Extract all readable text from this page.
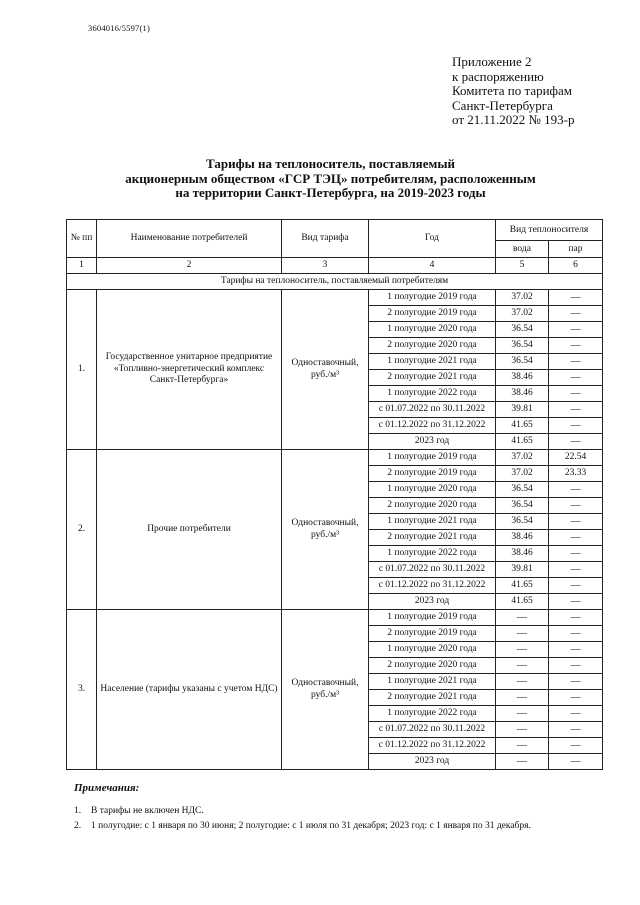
3604016/5597(1)
Приложение 2
к распоряжению
Комитета по тарифам
Санкт-Петербурга
от 21.11.2022 № 193-р
Тарифы на теплоноситель, поставляемый
акционерным обществом «ГСР ТЭЦ» потребителям, расположенным
на территории Санкт-Петербурга, на 2019-2023 годы
№ пп	Наименование потребителей	Вид тарифа	Год	Вид теплоносителя	
				вода	пар
1	2	3	4	5	6
Тарифы на теплоноситель, поставляемый потребителям					
1.	Государственное унитарное предприятие «Топливно-энергетический комплекс Санкт-Петербурга»	Одноставочный, руб./м³	1 полугодие 2019 года	37.02	—
			2 полугодие 2019 года	37.02	—
			1 полугодие 2020 года	36.54	—
			2 полугодие 2020 года	36.54	—
			1 полугодие 2021 года	36.54	—
			2 полугодие 2021 года	38.46	—
			1 полугодие 2022 года	38.46	—
			с 01.07.2022 по 30.11.2022	39.81	—
			с 01.12.2022 по 31.12.2022	41.65	—
			2023 год	41.65	—
2.	Прочие потребители	Одноставочный, руб./м³	1 полугодие 2019 года	37.02	22.54
			2 полугодие 2019 года	37.02	23.33
			1 полугодие 2020 года	36.54	—
			2 полугодие 2020 года	36.54	—
			1 полугодие 2021 года	36.54	—
			2 полугодие 2021 года	38.46	—
			1 полугодие 2022 года	38.46	—
			с 01.07.2022 по 30.11.2022	39.81	—
			с 01.12.2022 по 31.12.2022	41.65	—
			2023 год	41.65	—
3.	Население (тарифы указаны с учетом НДС)	Одноставочный, руб./м³	1 полугодие 2019 года	—	—
			2 полугодие 2019 года	—	—
			1 полугодие 2020 года	—	—
			2 полугодие 2020 года	—	—
			1 полугодие 2021 года	—	—
			2 полугодие 2021 года	—	—
			1 полугодие 2022 года	—	—
			с 01.07.2022 по 30.11.2022	—	—
			с 01.12.2022 по 31.12.2022	—	—
			2023 год	—	—
Примечания:
1. В тарифы не включен НДС.
2. 1 полугодие: с 1 января по 30 июня; 2 полугодие: с 1 июля по 31 декабря; 2023 год: с 1 января по 31 декабря.
